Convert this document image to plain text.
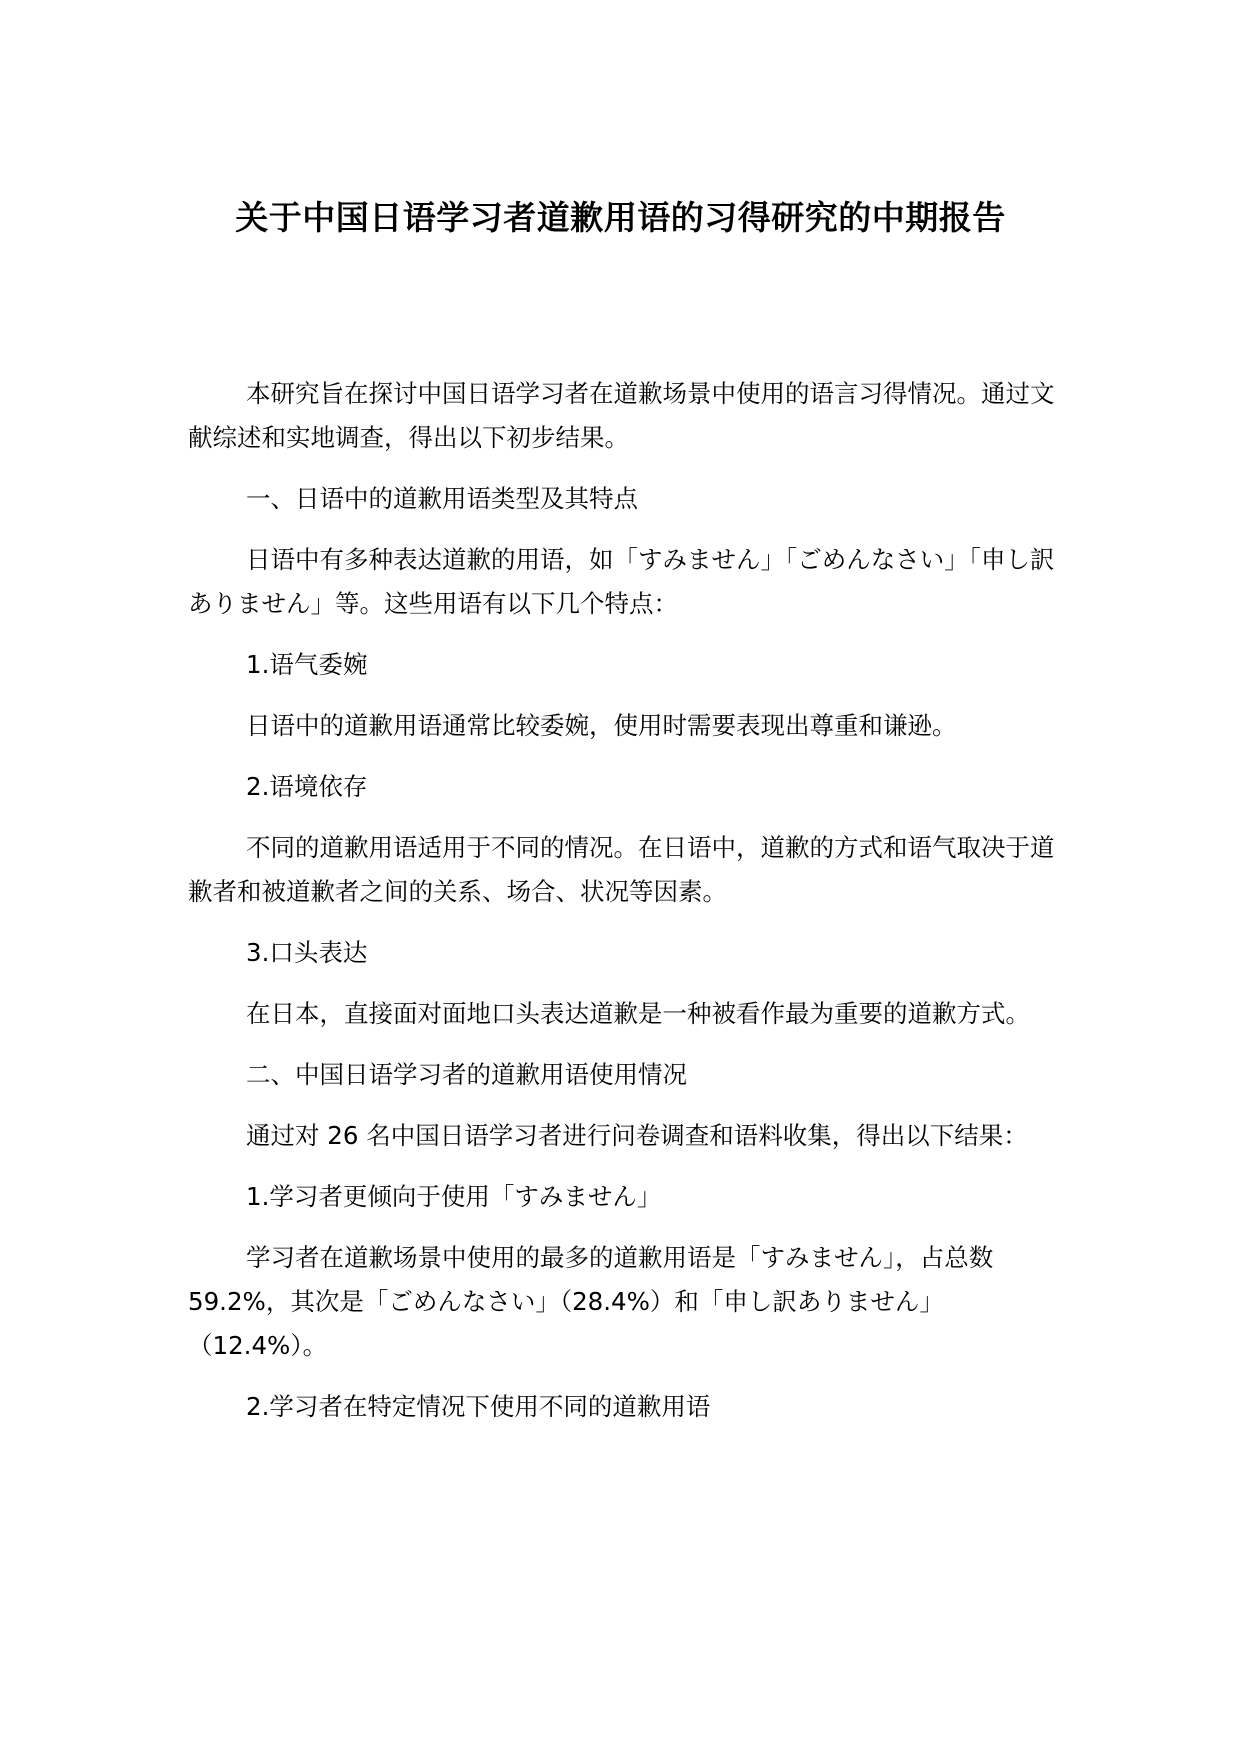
关于中国日语学习者道歉用语的习得研究的中期报告

本研究旨在探讨中国日语学习者在道歉场景中使用的语言习得情况。通过文献综述和实地调查，得出以下初步结果。

一、日语中的道歉用语类型及其特点

日语中有多种表达道歉的用语，如「すみません」「ごめんなさい」「申し訳ありません」等。这些用语有以下几个特点：

1.语气委婉

日语中的道歉用语通常比较委婉，使用时需要表现出尊重和谦逊。

2.语境依存

不同的道歉用语适用于不同的情况。在日语中，道歉的方式和语气取决于道歉者和被道歉者之间的关系、场合、状况等因素。

3.口头表达

在日本，直接面对面地口头表达道歉是一种被看作最为重要的道歉方式。

二、中国日语学习者的道歉用语使用情况

通过对 26 名中国日语学习者进行问卷调查和语料收集，得出以下结果：

1.学习者更倾向于使用「すみません」

学习者在道歉场景中使用的最多的道歉用语是「すみません」，占总数 59.2%，其次是「ごめんなさい」（28.4%）和「申し訳ありません」（12.4%）。

2.学习者在特定情况下使用不同的道歉用语
